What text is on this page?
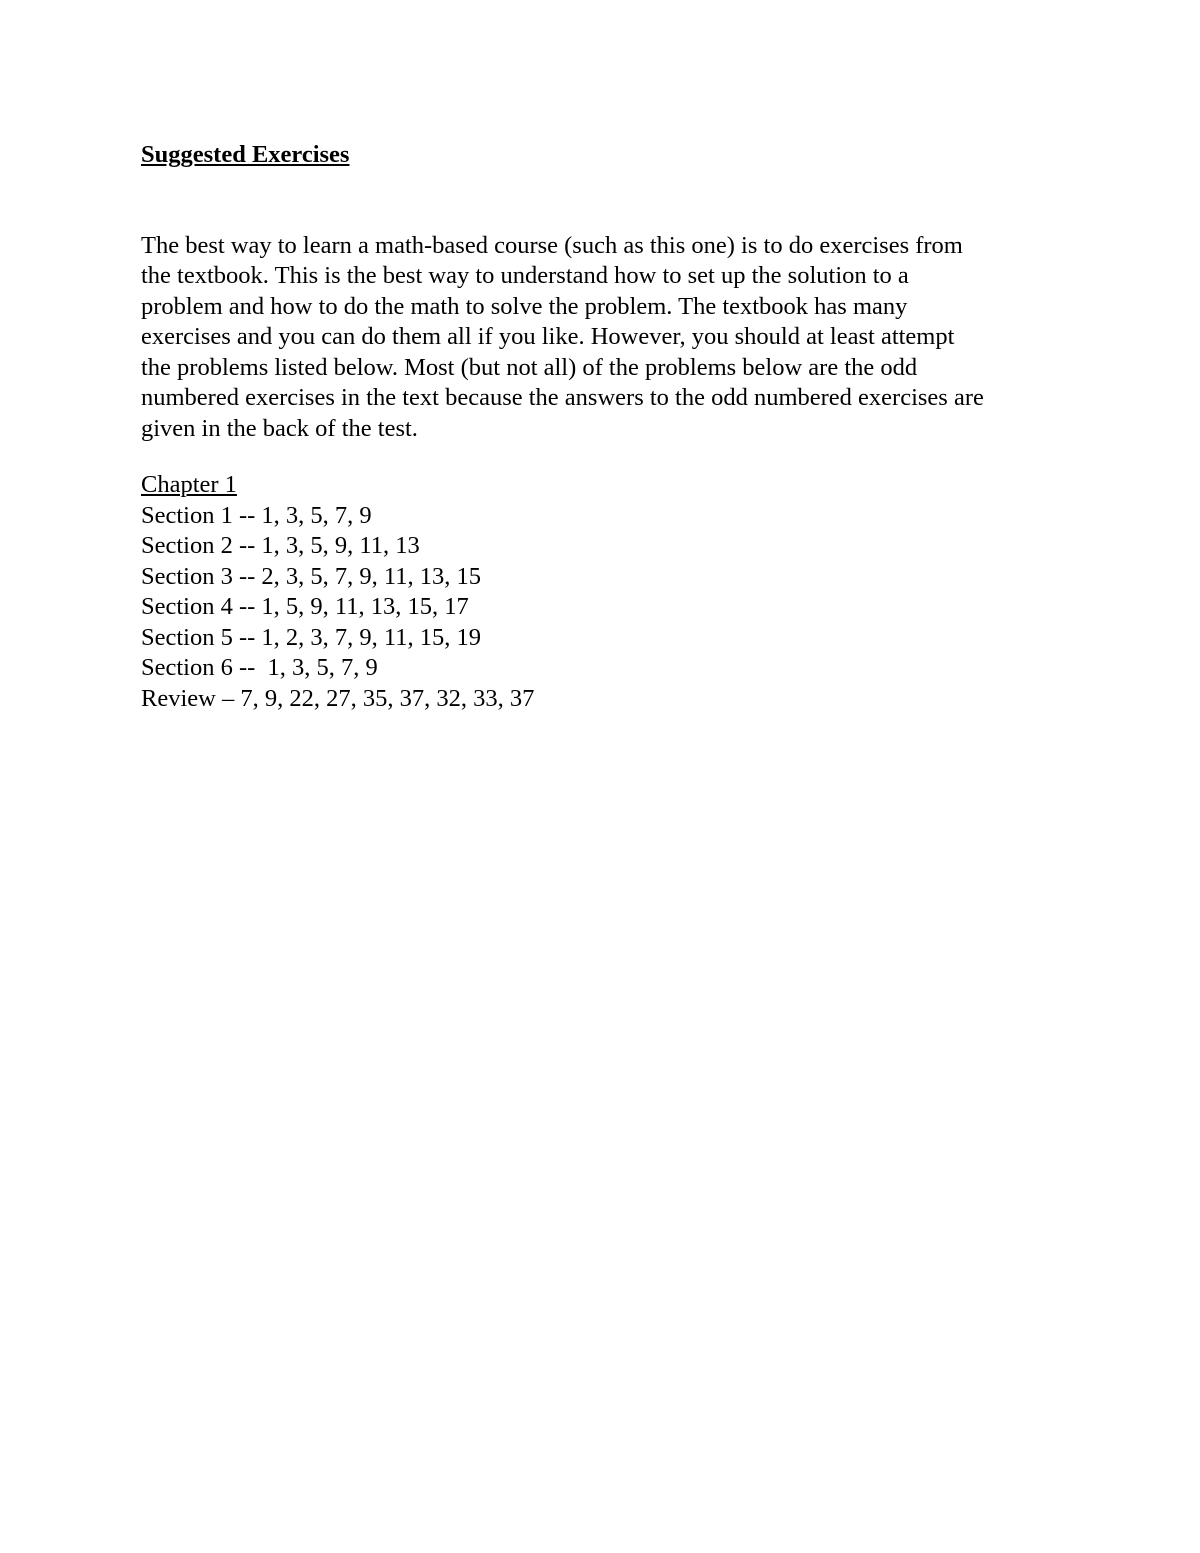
Suggested Exercises
The best way to learn a math-based course (such as this one) is to do exercises from
the textbook. This is the best way to understand how to set up the solution to a
problem and how to do the math to solve the problem. The textbook has many
exercises and you can do them all if you like. However, you should at least attempt
the problems listed below. Most (but not all) of the problems below are the odd
numbered exercises in the text because the answers to the odd numbered exercises are
given in the back of the test.
Chapter 1
Section 1 -- 1, 3, 5, 7, 9
Section 2 -- 1, 3, 5, 9, 11, 13
Section 3 -- 2, 3, 5, 7, 9, 11, 13, 15
Section 4 -- 1, 5, 9, 11, 13, 15, 17
Section 5 -- 1, 2, 3, 7, 9, 11, 15, 19
Section 6 --  1, 3, 5, 7, 9
Review – 7, 9, 22, 27, 35, 37, 32, 33, 37
